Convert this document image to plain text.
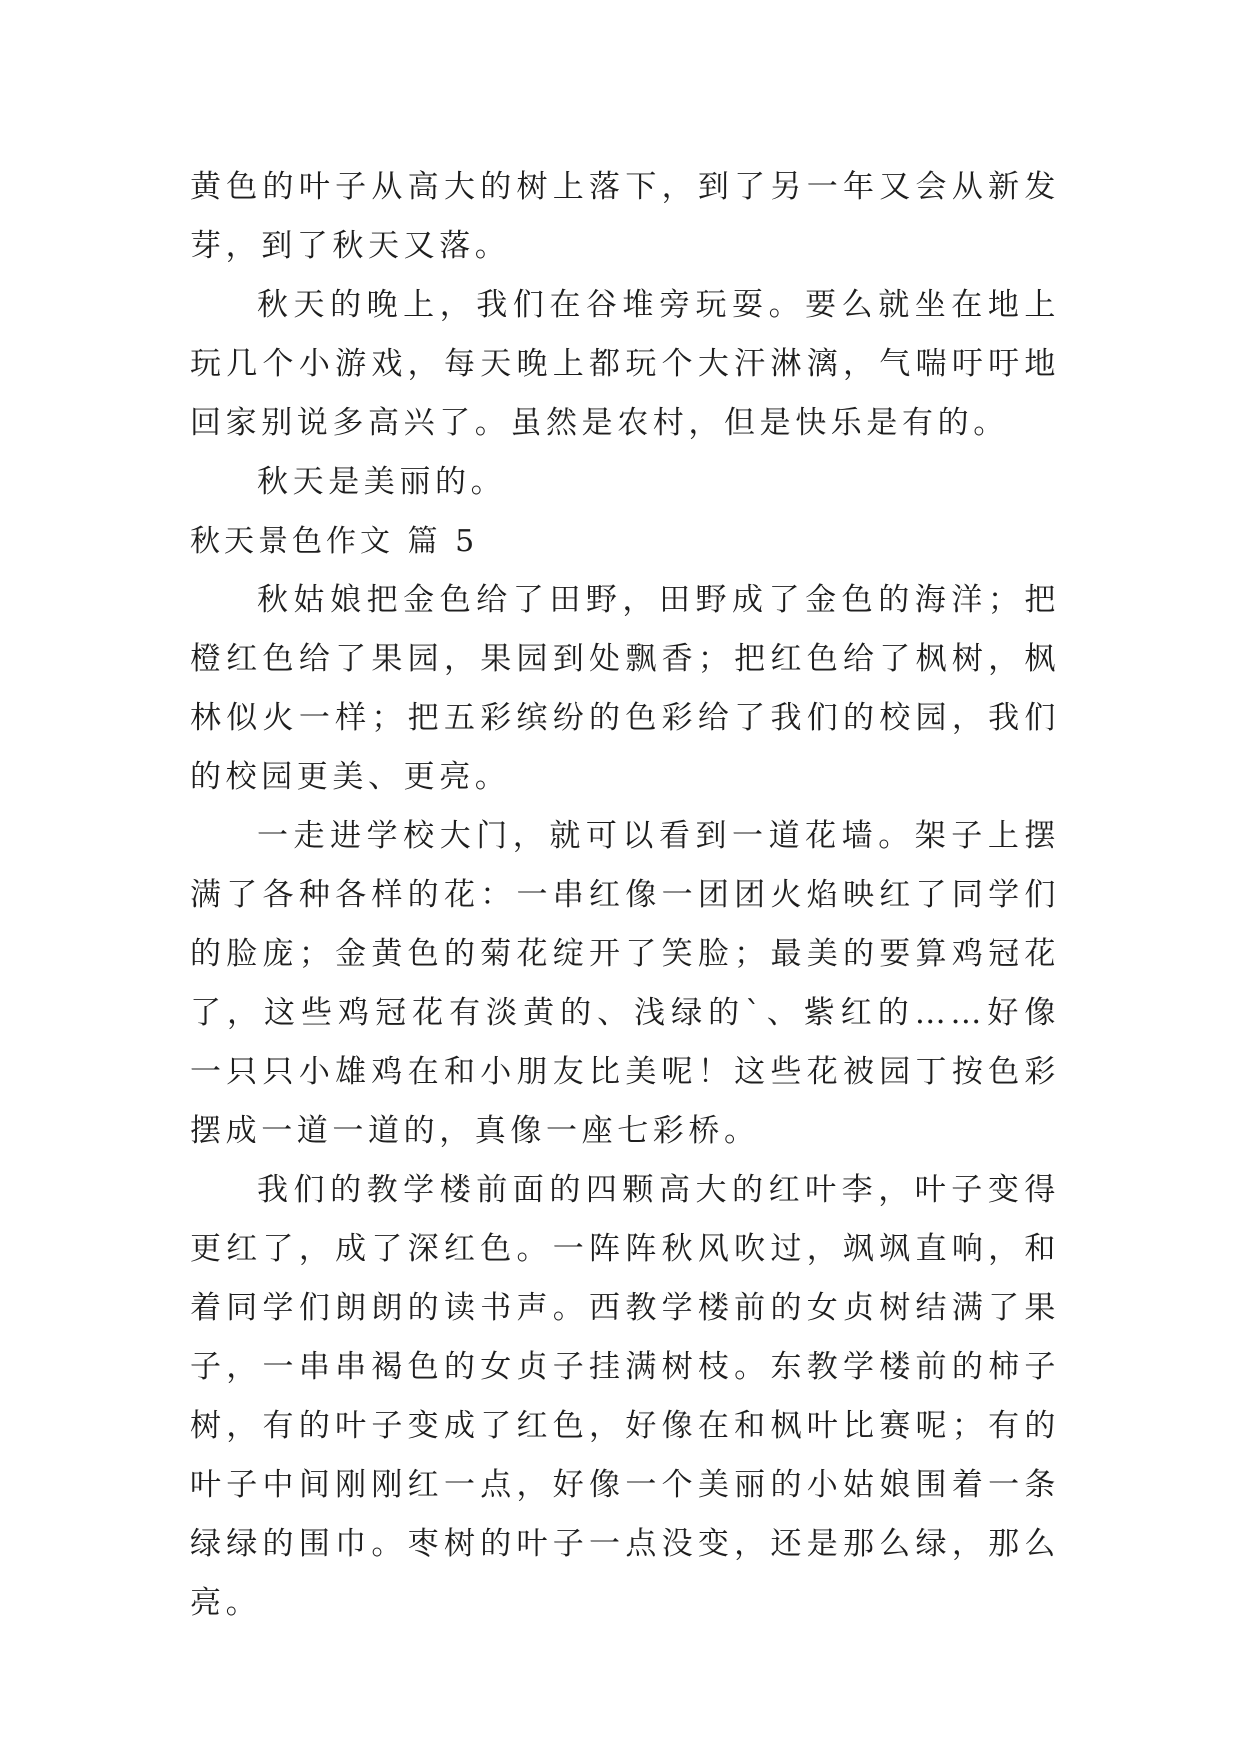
黄色的叶子从高大的树上落下，到了另一年又会从新发芽，到了秋天又落。

秋天的晚上，我们在谷堆旁玩耍。要么就坐在地上玩几个小游戏，每天晚上都玩个大汗淋漓，气喘吁吁地回家别说多高兴了。虽然是农村，但是快乐是有的。

秋天是美丽的。

秋天景色作文 篇 5

秋姑娘把金色给了田野，田野成了金色的海洋；把橙红色给了果园，果园到处飘香；把红色给了枫树，枫林似火一样；把五彩缤纷的色彩给了我们的校园，我们的校园更美、更亮。

一走进学校大门，就可以看到一道花墙。架子上摆满了各种各样的花：一串红像一团团火焰映红了同学们的脸庞；金黄色的菊花绽开了笑脸；最美的要算鸡冠花了，这些鸡冠花有淡黄的、浅绿的`、紫红的……好像一只只小雄鸡在和小朋友比美呢！这些花被园丁按色彩摆成一道一道的，真像一座七彩桥。

我们的教学楼前面的四颗高大的红叶李，叶子变得更红了，成了深红色。一阵阵秋风吹过，飒飒直响，和着同学们朗朗的读书声。西教学楼前的女贞树结满了果子，一串串褐色的女贞子挂满树枝。东教学楼前的柿子树，有的叶子变成了红色，好像在和枫叶比赛呢；有的叶子中间刚刚红一点，好像一个美丽的小姑娘围着一条绿绿的围巾。枣树的叶子一点没变，还是那么绿，那么亮。
